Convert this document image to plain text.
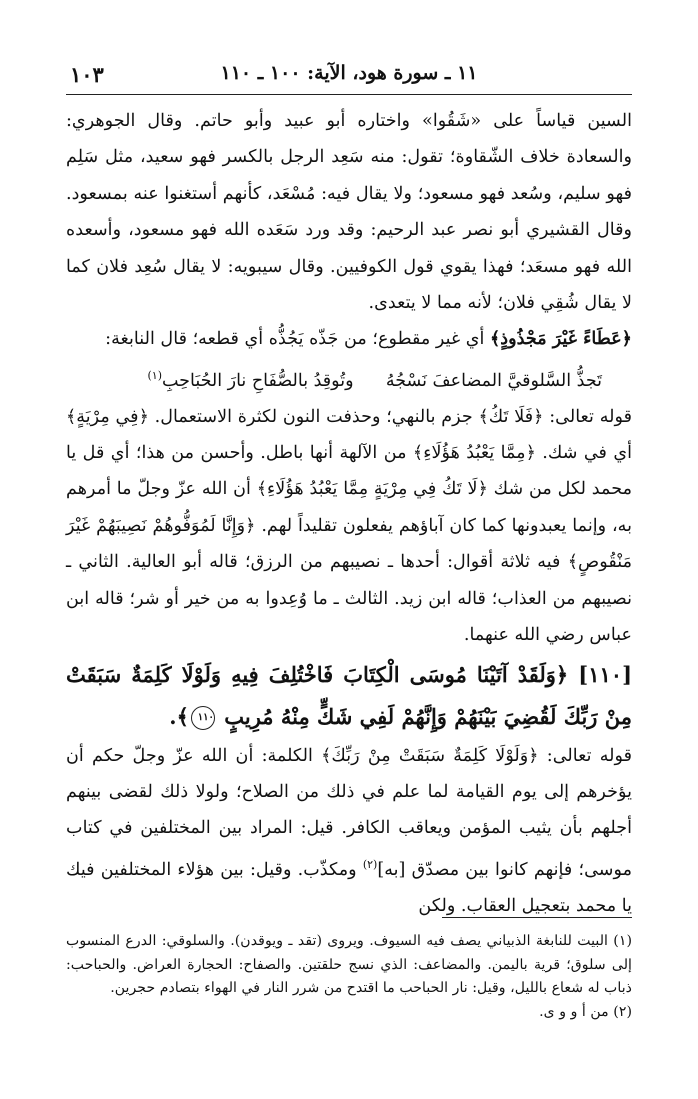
١١ ـ سورة هود، الآية: ١٠٠ ـ ١١٠
١٠٣

السين قياساً على «شَقُوا» واختاره أبو عبيد وأبو حاتم. وقال الجوهري: والسعادة خلاف الشّقاوة؛ تقول: منه سَعِد الرجل بالكسر فهو سعيد، مثل سَلِم فهو سليم، وسُعد فهو مسعود؛ ولا يقال فيه: مُسْعَد، كأنهم أستغنوا عنه بمسعود. وقال القشيري أبو نصر عبد الرحيم: وقد ورد سَعَده الله فهو مسعود، وأسعده الله فهو مسعَد؛ فهذا يقوي قول الكوفيين. وقال سيبويه: لا يقال سُعِد فلان كما لا يقال شُقِي فلان؛ لأنه مما لا يتعدى.

﴿عَطَاءً غَيْرَ مَجْذُوذٍ﴾ أي غير مقطوع؛ من جَذّه يَجُذُّه أي قطعه؛ قال النابغة:

تَجذُّ السَّلوقيَّ المضاعفَ نَسْجُهُ وتُوقِدُ بالصُّفَاحِ نارَ الحُبَاحِبِ$^{(١)}$

قوله تعالى: ﴿فَلَا تَكُ﴾ جزم بالنهي؛ وحذفت النون لكثرة الاستعمال. ﴿فِي مِرْيَةٍ﴾ أي في شك. ﴿مِمَّا يَعْبُدُ هَؤُلَاءِ﴾ من الآلهة أنها باطل. وأحسن من هذا؛ أي قل يا محمد لكل من شك ﴿لَا تَكُ فِي مِرْيَةٍ مِمَّا يَعْبُدُ هَؤُلَاءِ﴾ أن الله عزّ وجلّ ما أمرهم به، وإنما يعبدونها كما كان آباؤهم يفعلون تقليداً لهم. ﴿وَإِنَّا لَمُوَفُّوهُمْ نَصِيبَهُمْ غَيْرَ مَنْقُوصٍ﴾ فيه ثلاثة أقوال: أحدها ـ نصيبهم من الرزق؛ قاله أبو العالية. الثاني ـ نصيبهم من العذاب؛ قاله ابن زيد. الثالث ـ ما وُعِدوا به من خير أو شر؛ قاله ابن عباس رضي الله عنهما.

[١١٠] ﴿وَلَقَدْ آتَيْنَا مُوسَى الْكِتَابَ فَاخْتُلِفَ فِيهِ وَلَوْلَا كَلِمَةٌ سَبَقَتْ مِنْ رَبِّكَ لَقُضِيَ بَيْنَهُمْ وَإِنَّهُمْ لَفِي شَكٍّ مِنْهُ مُرِيبٍ ١١٠﴾.

قوله تعالى: ﴿وَلَوْلَا كَلِمَةٌ سَبَقَتْ مِنْ رَبِّكَ﴾ الكلمة: أن الله عزّ وجلّ حكم أن يؤخرهم إلى يوم القيامة لما علم في ذلك من الصلاح؛ ولولا ذلك لقضى بينهم أجلهم بأن يثيب المؤمن ويعاقب الكافر. قيل: المراد بين المختلفين في كتاب موسى؛ فإنهم كانوا بين مصدّق [به]$^{(٢)}$ ومكذّب. وقيل: بين هؤلاء المختلفين فيك يا محمد بتعجيل العقاب. ولكن

(١) البيت للنابغة الذبياني يصف فيه السيوف. ويروى (تقد ـ ويوقدن). والسلوقي: الدرع المنسوب إلى سلوق؛ قرية باليمن. والمضاعف: الذي نسج حلقتين. والصفاح: الحجارة العراض. والحباحب: ذباب له شعاع بالليل، وقيل: نار الحباحب ما اقتدح من شرر النار في الهواء بتصادم حجرين.

(٢) من أ و و ى.
